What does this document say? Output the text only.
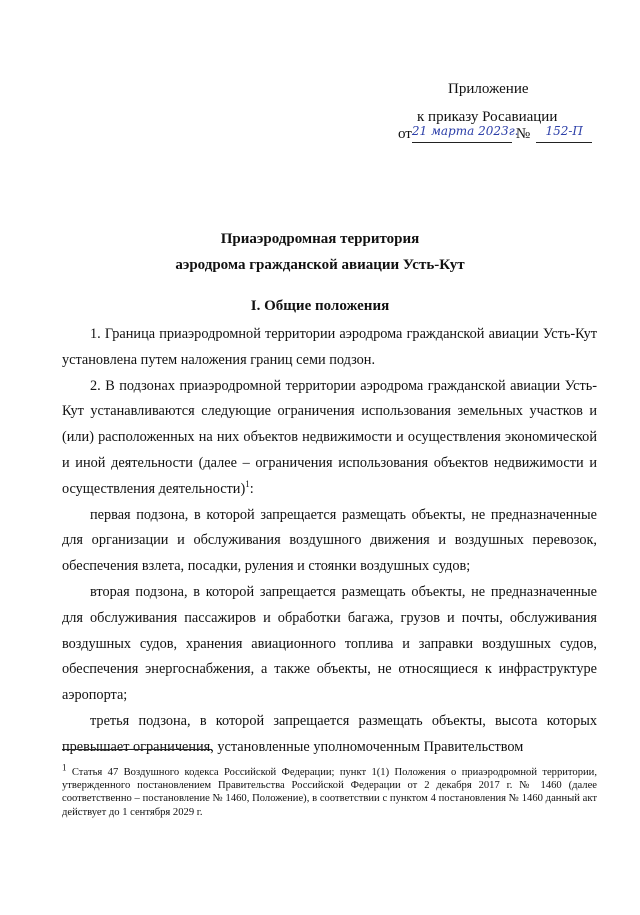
Приложение
к приказу Росавиации
от 21 марта 2023г.
№	152-П
Приаэродромная территория
аэродрома гражданской авиации Усть-Кут
I. Общие положения

1. Граница приаэродромной территории аэродрома гражданской авиации Усть-Кут установлена путем наложения границ семи подзон.

2. В подзонах приаэродромной территории аэродрома гражданской авиации Усть-Кут устанавливаются следующие ограничения использования земельных участков и (или) расположенных на них объектов недвижимости и осуществления экономической и иной деятельности (далее – ограничения использования объектов недвижимости и осуществления деятельности)$^1$:

первая подзона, в которой запрещается размещать объекты, не предназначенные для организации и обслуживания воздушного движения и воздушных перевозок, обеспечения взлета, посадки, руления и стоянки воздушных судов;

вторая подзона, в которой запрещается размещать объекты, не предназначенные для обслуживания пассажиров и обработки багажа, грузов и почты, обслуживания воздушных судов, хранения авиационного топлива и заправки воздушных судов, обеспечения энергоснабжения, а также объекты, не относящиеся к инфраструктуре аэропорта;

третья подзона, в которой запрещается размещать объекты, высота которых превышает ограничения, установленные уполномоченным Правительством

$^1$ Статья 47 Воздушного кодекса Российской Федерации; пункт 1(1) Положения о приаэродромной территории, утвержденного постановлением Правительства Российской Федерации от 2 декабря 2017 г. № 1460 (далее соответственно – постановление № 1460, Положение), в соответствии с пунктом 4 постановления № 1460 данный акт действует до 1 сентября 2029 г.
